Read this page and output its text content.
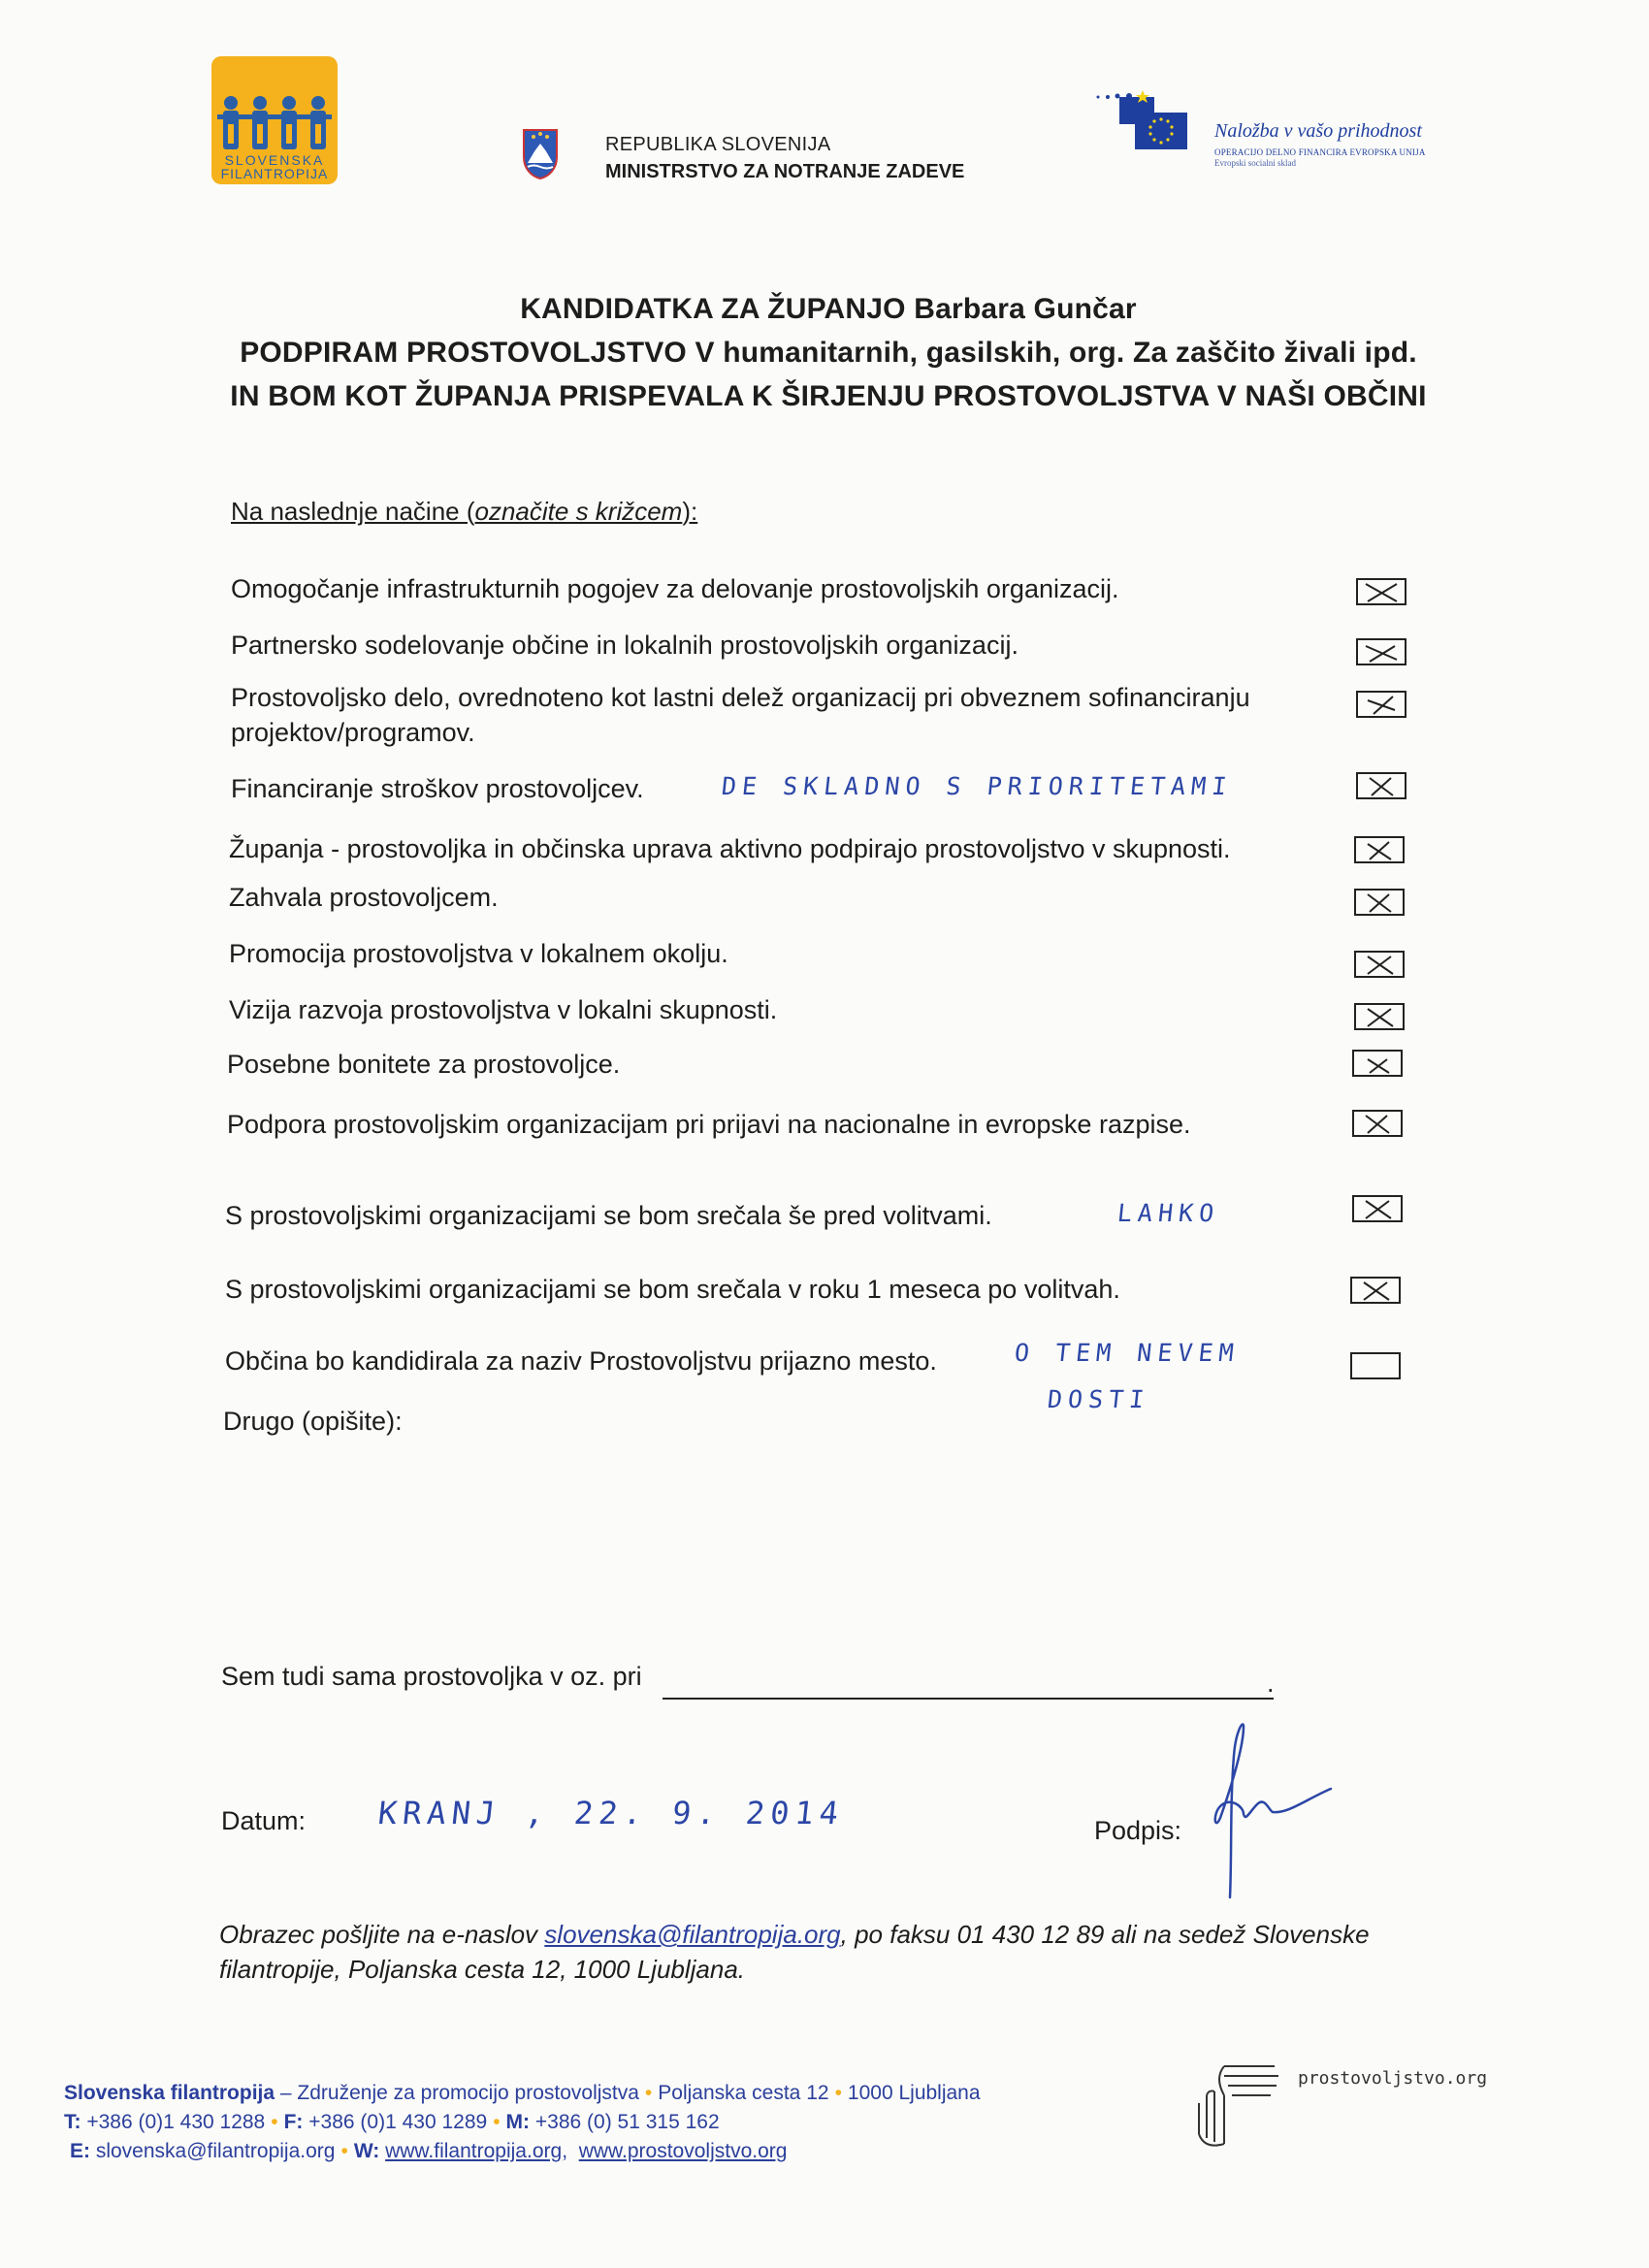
SLOVENSKA
FILANTROPIJA
REPUBLIKA SLOVENIJA
MINISTRSTVO ZA NOTRANJE ZADEVE
Naložba v vašo prihodnost
OPERACIJO DELNO FINANCIRA EVROPSKA UNIJA
Evropski socialni sklad
KANDIDATKA ZA ŽUPANJO Barbara Gunčar
PODPIRAM PROSTOVOLJSTVO V humanitarnih, gasilskih, org. Za zaščito živali ipd.
IN BOM KOT ŽUPANJA PRISPEVALA K ŠIRJENJU PROSTOVOLJSTVA V NAŠI OBČINI
Na naslednje načine (označite s križcem):
Omogočanje infrastrukturnih pogojev za delovanje prostovoljskih organizacij.
Partnersko sodelovanje občine in lokalnih prostovoljskih organizacij.
Prostovoljsko delo, ovrednoteno kot lastni delež organizacij pri obveznem sofinanciranju
projektov/programov.
Financiranje stroškov prostovoljcev.	DE SKLADNO S PRIORITETAMI
Županja - prostovoljka in občinska uprava aktivno podpirajo prostovoljstvo v skupnosti.
Zahvala prostovoljcem.
Promocija prostovoljstva v lokalnem okolju.
Vizija razvoja prostovoljstva v lokalni skupnosti.
Posebne bonitete za prostovoljce.
Podpora prostovoljskim organizacijam pri prijavi na nacionalne in evropske razpise.
S prostovoljskimi organizacijami se bom srečala še pred volitvami.	LAHKO
S prostovoljskimi organizacijami se bom srečala v roku 1 meseca po volitvah.
Občina bo kandidirala za naziv Prostovoljstvu prijazno mesto.	O TEM NEVEM
DOSTI
Drugo (opišite):
Sem tudi sama prostovoljka v oz. pri	.
Datum: KRANJ , 22. 9. 2014	Podpis:
Obrazec pošljite na e-naslov slovenska@filantropija.org, po faksu 01 430 12 89 ali na sedež Slovenske
filantropije, Poljanska cesta 12, 1000 Ljubljana.
Slovenska filantropija – Združenje za promocijo prostovoljstva • Poljanska cesta 12 • 1000 Ljubljana
T: +386 (0)1 430 1288 • F: +386 (0)1 430 1289 • M: +386 (0) 51 315 162
E: slovenska@filantropija.org • W: www.filantropija.org, www.prostovoljstvo.org
prostovoljstvo.org
